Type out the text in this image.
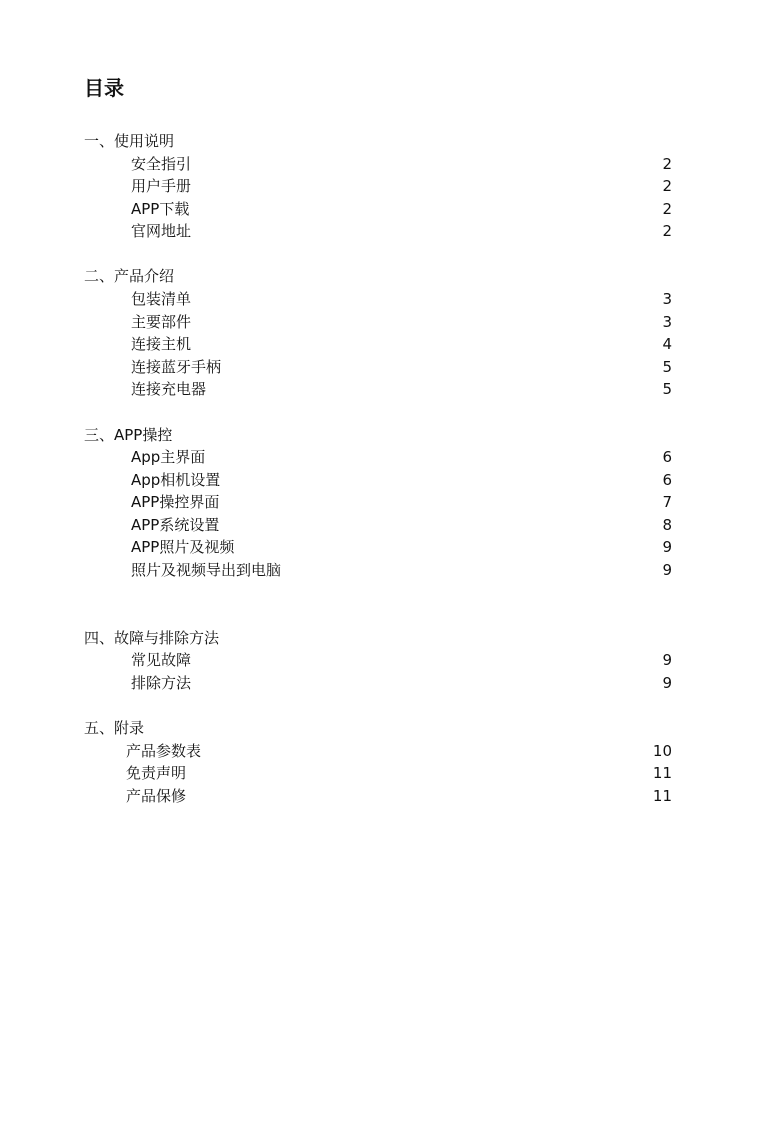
目录
一、使用说明
安全指引	2
用户手册	2
APP下载	2
官网地址	2
二、产品介绍
包装清单	3
主要部件	3
连接主机	4
连接蓝牙手柄	5
连接充电器	5
三、APP操控
App主界面	6
App相机设置	6
APP操控界面	7
APP系统设置	8
APP照片及视频	9
照片及视频导出到电脑	9
四、故障与排除方法
常见故障	9
排除方法	9
五、附录
产品参数表	10
免责声明	11
产品保修	11
